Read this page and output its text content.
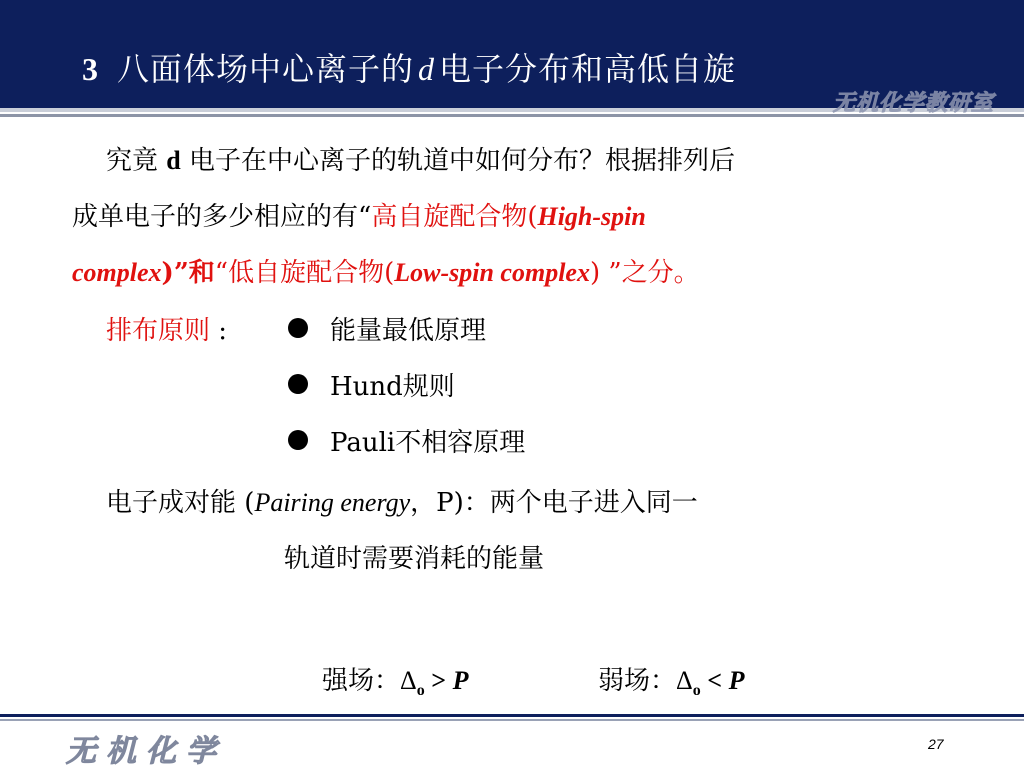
3 八面体场中心离子的 d 电子分布和高低自旋
无机化学教研室
究竟 d 电子在中心离子的轨道中如何分布？根据排列后
成单电子的多少相应的有“高自旋配合物(High-spin
complex)”和“低自旋配合物(Low-spin complex) ”之分。
排布原则 :	能量最低原理
Hund规则
Pauli不相容原理
电子成对能 (Pairing energy，P)：两个电子进入同一
轨道时需要消耗的能量
强场：$\Delta_o > P$	弱场：$\Delta_o < P$
无机化学	27
